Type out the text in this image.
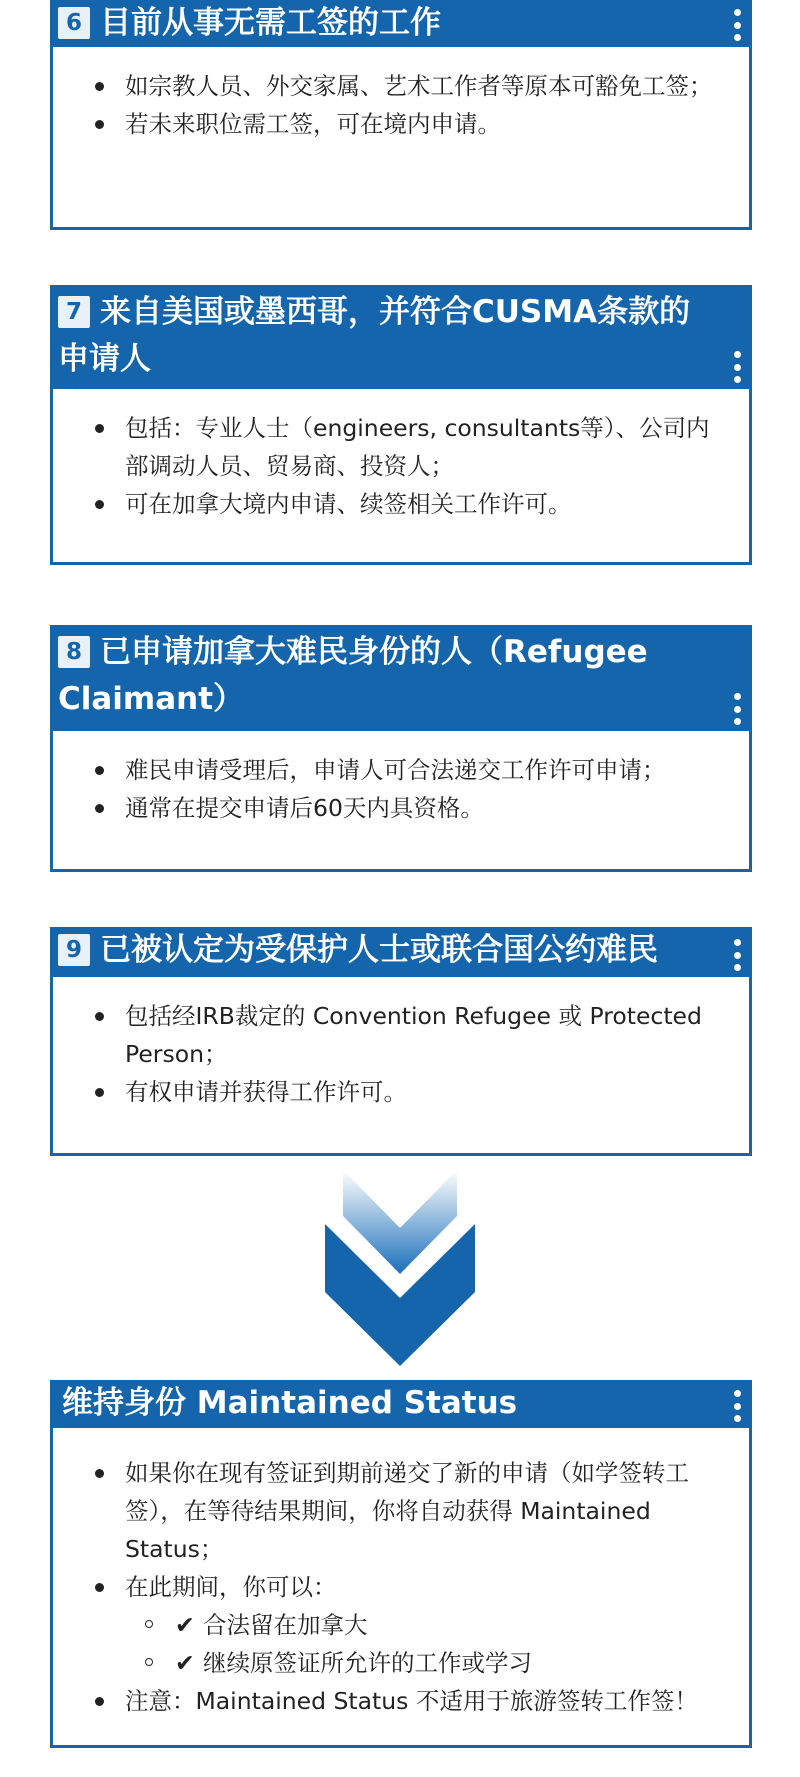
6 目前从事无需工签的工作

如宗教人员、外交家属、艺术工作者等原本可豁免工签；
若未来职位需工签，可在境内申请。

7 来自美国或墨西哥，并符合CUSMA条款的申请人

包括：专业人士（engineers, consultants等）、公司内部调动人员、贸易商、投资人；
可在加拿大境内申请、续签相关工作许可。

8 已申请加拿大难民身份的人（Refugee Claimant）

难民申请受理后，申请人可合法递交工作许可申请；
通常在提交申请后60天内具资格。

9 已被认定为受保护人士或联合国公约难民

包括经IRB裁定的 Convention Refugee 或 Protected Person；
有权申请并获得工作许可。

维持身份 Maintained Status

如果你在现有签证到期前递交了新的申请（如学签转工签），在等待结果期间，你将自动获得 Maintained Status；
在此期间，你可以：
✔ 合法留在加拿大
✔ 继续原签证所允许的工作或学习
注意：Maintained Status 不适用于旅游签转工作签！
